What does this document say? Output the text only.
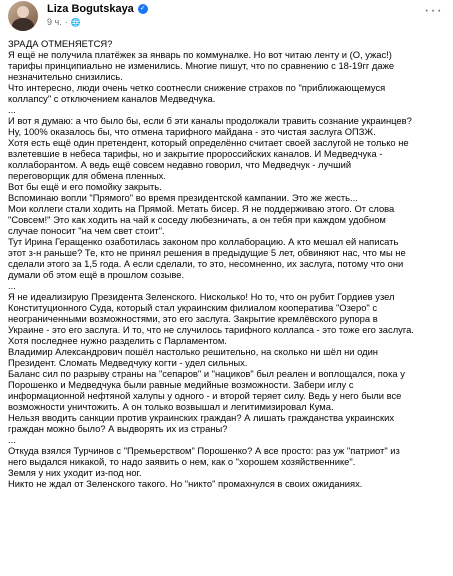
Liza Bogutskaya ✓
9 ч. · 🌐
···

ЗРАДА ОТМЕНЯЕТСЯ?

Я ещё не получила платёжек за январь по коммуналке. Но вот читаю ленту и (О, ужас!)

тарифы принципиально не изменились. Многие пишут, что по сравнению с 18-19гг даже

незначительно снизились.

Что интересно, люди очень четко соотнесли снижение страхов по "приближающемуся

коллапсу" с отключением каналов Медведчука.

...

И вот я думаю: а что было бы, если б эти каналы продолжали травить сознание украинцев?

Ну, 100% оказалось бы, что отмена тарифного майдана - это чистая заслуга ОПЗЖ.

Хотя есть ещё один претендент, который определённо считает своей заслугой не только не

взлетевшие в небеса тарифы, но и закрытие пророссийских каналов. И Медведчука -

коллаборантом. А ведь ещё совсем недавно говорил, что Медведчук - лучший

переговорщик для обмена пленных.

Вот бы ещё и его помойку закрыть.

Вспоминаю вопли "Прямого" во время президентской кампании. Это же жесть...

Мои коллеги стали ходить на Прямой. Метать бисер. Я не поддерживаю этого. От слова

"Совсем!" Это как ходить на чай к соседу любезничать, а он тебя при каждом удобном

случае поносит "на чем свет стоит".

Тут Ирина Геращенко озаботилась законом про коллаборацию. А кто мешал ей написать

этот з-н раньше? Те, кто не принял решения в предыдущие 5 лет, обвиняют нас, что мы не

сделали этого за 1,5 года. А если сделали, то это, несомненно, их заслуга, потому что они

думали об этом ещё в прошлом созыве.

...

Я не идеализирую Президента Зеленского. Нисколько! Но то, что он рубит Гордиев узел

Конституционного Суда, который стал украинским филиалом кооператива "Озеро" с

неограниченными возможностями, это его заслуга. Закрытие кремлёвского рупора в

Украине - это его заслуга. И то, что не случилось тарифного коллапса - это тоже его заслуга.

Хотя последнее нужно разделить с Парламентом.

Владимир Александрович пошёл настолько решительно, на сколько ни шёл ни один

Президент. Сломать Медведчуку когти - удел сильных.

Баланс сил по разрыву страны на "сепаров" и "нациков" был реален и воплощался, пока у

Порошенко и Медведчука были равные медийные возможности. Забери иглу с

информационной нефтяной халупы у одного - и второй теряет силу. Ведь у него были все

возможности уничтожить. А он только возвышал и легитимизировал Кума.

Нельзя вводить санкции против украинских граждан? А лишать гражданства украинских

граждан можно было? А выдворять их из страны?

...

Откуда взялся Турчинов с "Премьерством" Порошенко? А все просто: раз уж "патриот" из

него выдался никакой, то надо заявить о нем, как о "хорошем хозяйственнике".

Земля у них уходит из-под ног.

Никто не ждал от Зеленского такого. Но "никто" промахнулся в своих ожиданиях.
